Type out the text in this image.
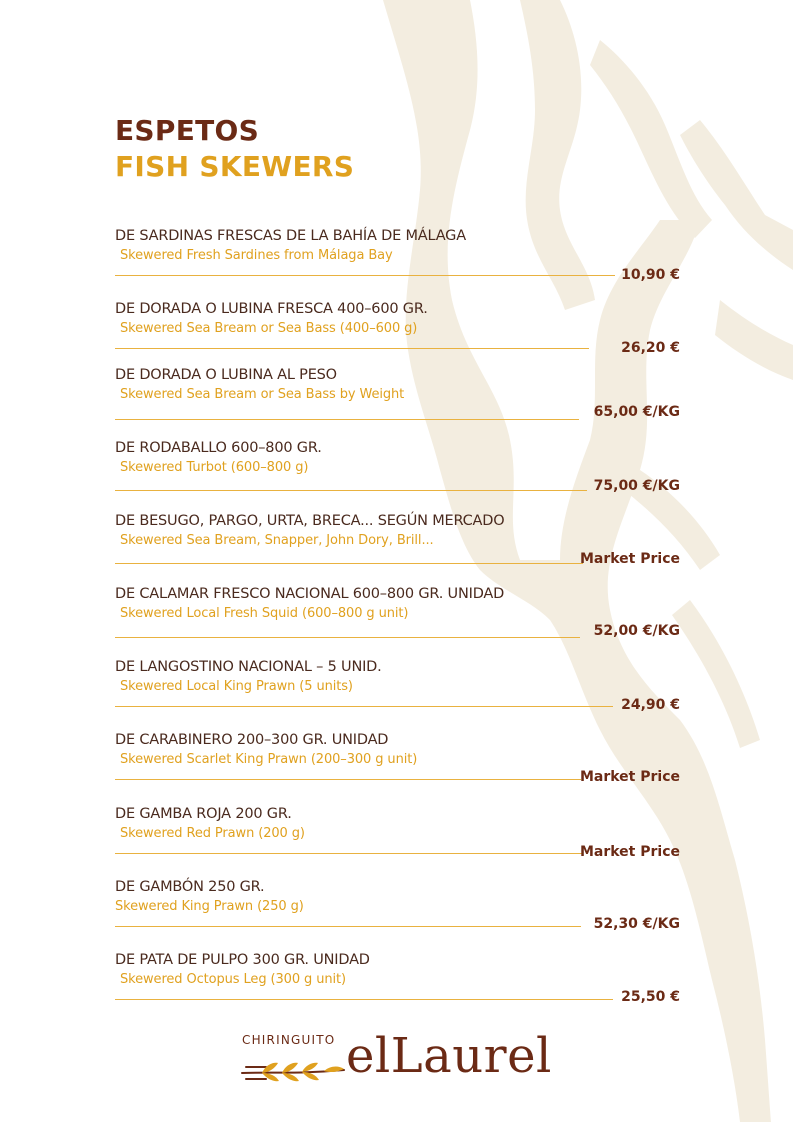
ESPETOS
FISH SKEWERS
DE SARDINAS FRESCAS DE LA BAHÍA DE MÁLAGA
Skewered Fresh Sardines from Málaga Bay
10,90 €
DE DORADA O LUBINA FRESCA 400–600 GR.
Skewered Sea Bream or Sea Bass (400–600 g)
26,20 €
DE DORADA O LUBINA AL PESO
Skewered Sea Bream or Sea Bass by Weight
65,00 €/KG
DE RODABALLO 600–800 GR.
Skewered Turbot (600–800 g)
75,00 €/KG
DE BESUGO, PARGO, URTA, BRECA... SEGÚN MERCADO
Skewered Sea Bream, Snapper, John Dory, Brill...
Market Price
DE CALAMAR FRESCO NACIONAL 600–800 GR. UNIDAD
Skewered Local Fresh Squid (600–800 g unit)
52,00 €/KG
DE LANGOSTINO NACIONAL – 5 UNID.
Skewered Local King Prawn (5 units)
24,90 €
DE CARABINERO 200–300 GR. UNIDAD
Skewered Scarlet King Prawn (200–300 g unit)
Market Price
DE GAMBA ROJA 200 GR.
Skewered Red Prawn (200 g)
Market Price
DE GAMBÓN 250 GR.
Skewered King Prawn (250 g)
52,30 €/KG
DE PATA DE PULPO 300 GR. UNIDAD
Skewered Octopus Leg (300 g unit)
25,50 €
CHIRINGUITO elLaurel
